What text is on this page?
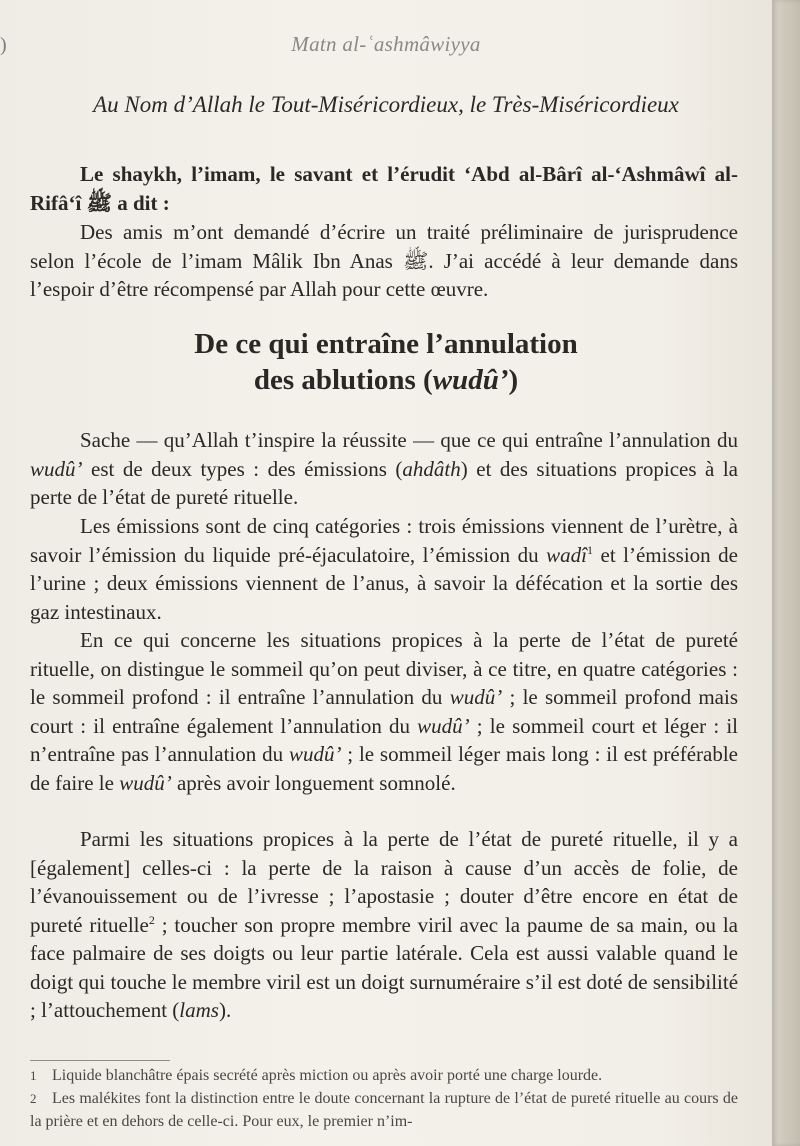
)	Matn al-ʿashmâwiyya
Au Nom d’Allah le Tout-Miséricordieux, le Très-Miséricordieux

Le shaykh, l’imam, le savant et l’érudit ‘Abd al-Bârî al-‘Ashmâwî al-Rifâ‘î ﷺ a dit :

Des amis m’ont demandé d’écrire un traité préliminaire de jurisprudence selon l’école de l’imam Mâlik Ibn Anas ﷺ. J’ai accédé à leur demande dans l’espoir d’être récompensé par Allah pour cette œuvre.

De ce qui entraîne l’annulation
des ablutions (wudû’)

Sache — qu’Allah t’inspire la réussite — que ce qui entraîne l’annulation du wudû’ est de deux types : des émissions (ahdâth) et des situations propices à la perte de l’état de pureté rituelle.

Les émissions sont de cinq catégories : trois émissions viennent de l’urètre, à savoir l’émission du liquide pré-éjaculatoire, l’émission du wadî$^1$ et l’émission de l’urine ; deux émissions viennent de l’anus, à savoir la défécation et la sortie des gaz intestinaux.

En ce qui concerne les situations propices à la perte de l’état de pureté rituelle, on distingue le sommeil qu’on peut diviser, à ce titre, en quatre catégories : le sommeil profond : il entraîne l’annulation du wudû’ ; le sommeil profond mais court : il entraîne également l’annulation du wudû’ ; le sommeil court et léger : il n’entraîne pas l’annulation du wudû’ ; le sommeil léger mais long : il est préférable de faire le wudû’ après avoir longuement somnolé.

Parmi les situations propices à la perte de l’état de pureté rituelle, il y a [également] celles-ci : la perte de la raison à cause d’un accès de folie, de l’évanouissement ou de l’ivresse ; l’apostasie ; douter d’être encore en état de pureté rituelle$^2$ ; toucher son propre membre viril avec la paume de sa main, ou la face palmaire de ses doigts ou leur partie latérale. Cela est aussi valable quand le doigt qui touche le membre viril est un doigt surnuméraire s’il est doté de sensibilité ; l’attouchement (lams).

1 Liquide blanchâtre épais secrété après miction ou après avoir porté une charge lourde.

2 Les malékites font la distinction entre le doute concernant la rupture de l’état de pureté rituelle au cours de la prière et en dehors de celle-ci. Pour eux, le premier n’im-
